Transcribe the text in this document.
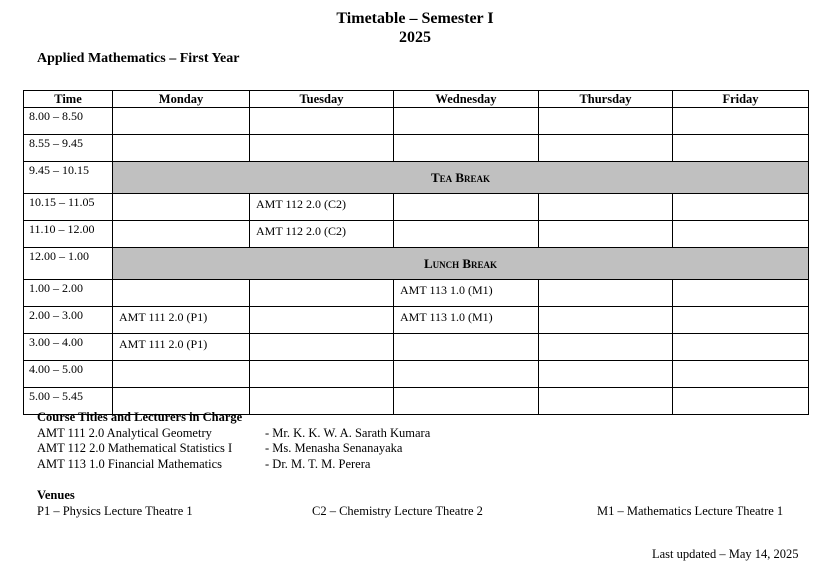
Timetable – Semester I
2025
Applied Mathematics – First Year
Time	Monday	Tuesday	Wednesday	Thursday	Friday
8.00 – 8.50					
8.55 – 9.45					
9.45 – 10.15	Tea Break				
10.15 – 11.05		AMT 112 2.0 (C2)			
11.10 – 12.00		AMT 112 2.0 (C2)			
12.00 – 1.00	Lunch Break				
1.00 – 2.00			AMT 113 1.0 (M1)		
2.00 – 3.00	AMT 111 2.0 (P1)		AMT 113 1.0 (M1)		
3.00 – 4.00	AMT 111 2.0 (P1)				
4.00 – 5.00					
5.00 – 5.45					
Course Titles and Lecturers in Charge
AMT 111 2.0 Analytical Geometry	- Mr. K. K. W. A. Sarath Kumara
AMT 112 2.0 Mathematical Statistics I	- Ms. Menasha Senanayaka
AMT 113 1.0 Financial Mathematics	- Dr. M. T. M. Perera
Venues
P1 – Physics Lecture Theatre 1	C2 – Chemistry Lecture Theatre 2	M1 – Mathematics Lecture Theatre 1
Last updated – May 14, 2025
